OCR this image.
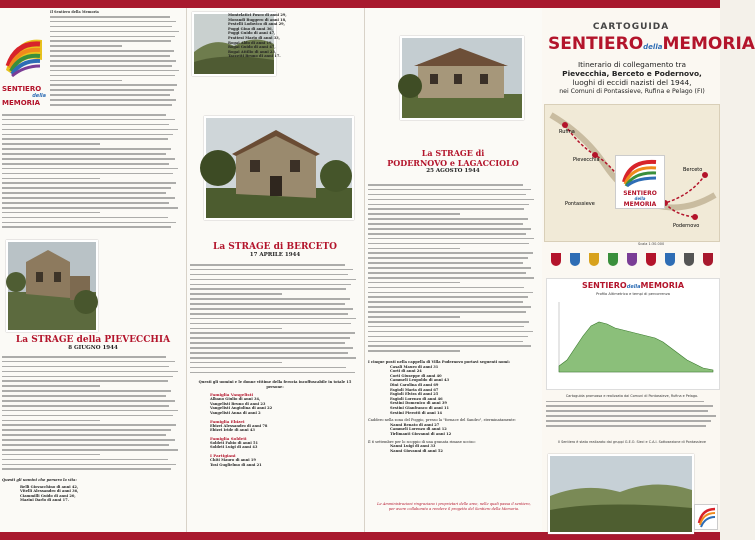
SENTIERO
della
MEMORIA
Il Sentiero della Memoria
La STRAGE della PIEVECCHIA
8 GIUGNO 1944
Questi gli uomini che persero la vita:
Belli Giovacchino di anni 42,
Vitelli Alessandro di anni 36,
Ciammilli Guido di anni 20,
Mazini Darlo di anni 17.
Montelatici Fosco di anni 29,
Morandi Ruggero di anni 18,
Pestelli Lodovico di anni 29,
Poggi Gino di anni 36,
Poggi Guido di anni 47,
Prattesi Mario di anni 33,
Rogai Aldo di anni 19,
Rogai Guido di anni 47,
Rogai Attilio di anni 23,
Taccetti Bruno di anni 17.
La STRAGE di BERCETO
17 APRILE 1944
Questi gli uomini e le donne vittime della ferocia incoffuscabile in totale 15 persone:
Famiglia Vangelisti
Albano Giulio di anni 34,
Vangelisti Bruno di anni 23
Vangelisti Angiolina di anni 22
Vangelisti Anna di anni 2
Famiglia Ebizei
Ebizei Alessandro di anni 78
Ebizei Iride di anni 43
Famiglia Soldeti
Soldeti Fabio di anni 51
Soldeti Luigi di anni 43
I Partigiani
Chiti Mauro di anni 19
Tosi Guglielmo di anni 21
La STRAGE di
PODERNOVO e LAGACCIOLO
25 AGOSTO 1944
I cinque posti nella cappella di Villa Podernovo portavi seguenti nomi:
Casali Mauro di anni 31
Corti di anni 24
Corti Giuseppe di anni 40
Cammeli Leopoldo di anni 43
Dini Carolina di anni 69
Fagioli Maria di anni 67
Fagioli Elvira di anni 25
Fagioli Lorenzo di anni 46
Sestini Domenico di anni 39
Sestini Gianfranco di anni 11
Sestini Pierotti di anni 14
Caddero nella zona del Poggio, presso la "fornace del Sandro", sterminatamente:
Nanni Renato di anni 27
Cammeli Lorenzo di anni 12
Tirlimanti Giovanni di anni 12
Il 6 settembre per lo scoppio di una granata rimase ucciso:
Nanni Luigi di anni 33
Nanni Giovanni di anni 52
Le Amministrazioni ringraziano i proprietari delle aree, nelle quali passa il sentiero, per avere collaborato a rendere il progetto del Sentiero della Memoria.
CARTOGUIDA
SENTIEROdellaMEMORIA
Itinerario di collegamento tra
Pievecchia, Berceto e Podernovo,
luoghi di eccidi nazisti del 1944,
nei Comuni di Pontassieve, Rufina e Pelago (FI)
Rufina
Pievecchia
Pontassieve
Berceto
Podernovo
SENTIERO
della
MEMORIA
Scala 1:30.000
SENTIEROdellaMEMORIA
Profilo Altimetrico e tempi di percorrenza
Cartoguida promossa e realizzata dai Comuni di Pontassieve, Rufina e Pelago.
Il Sentiero è stato realizzato dai gruppi G.E.O. Sieci e C.A.I. Sottosezione di Pontassieve
